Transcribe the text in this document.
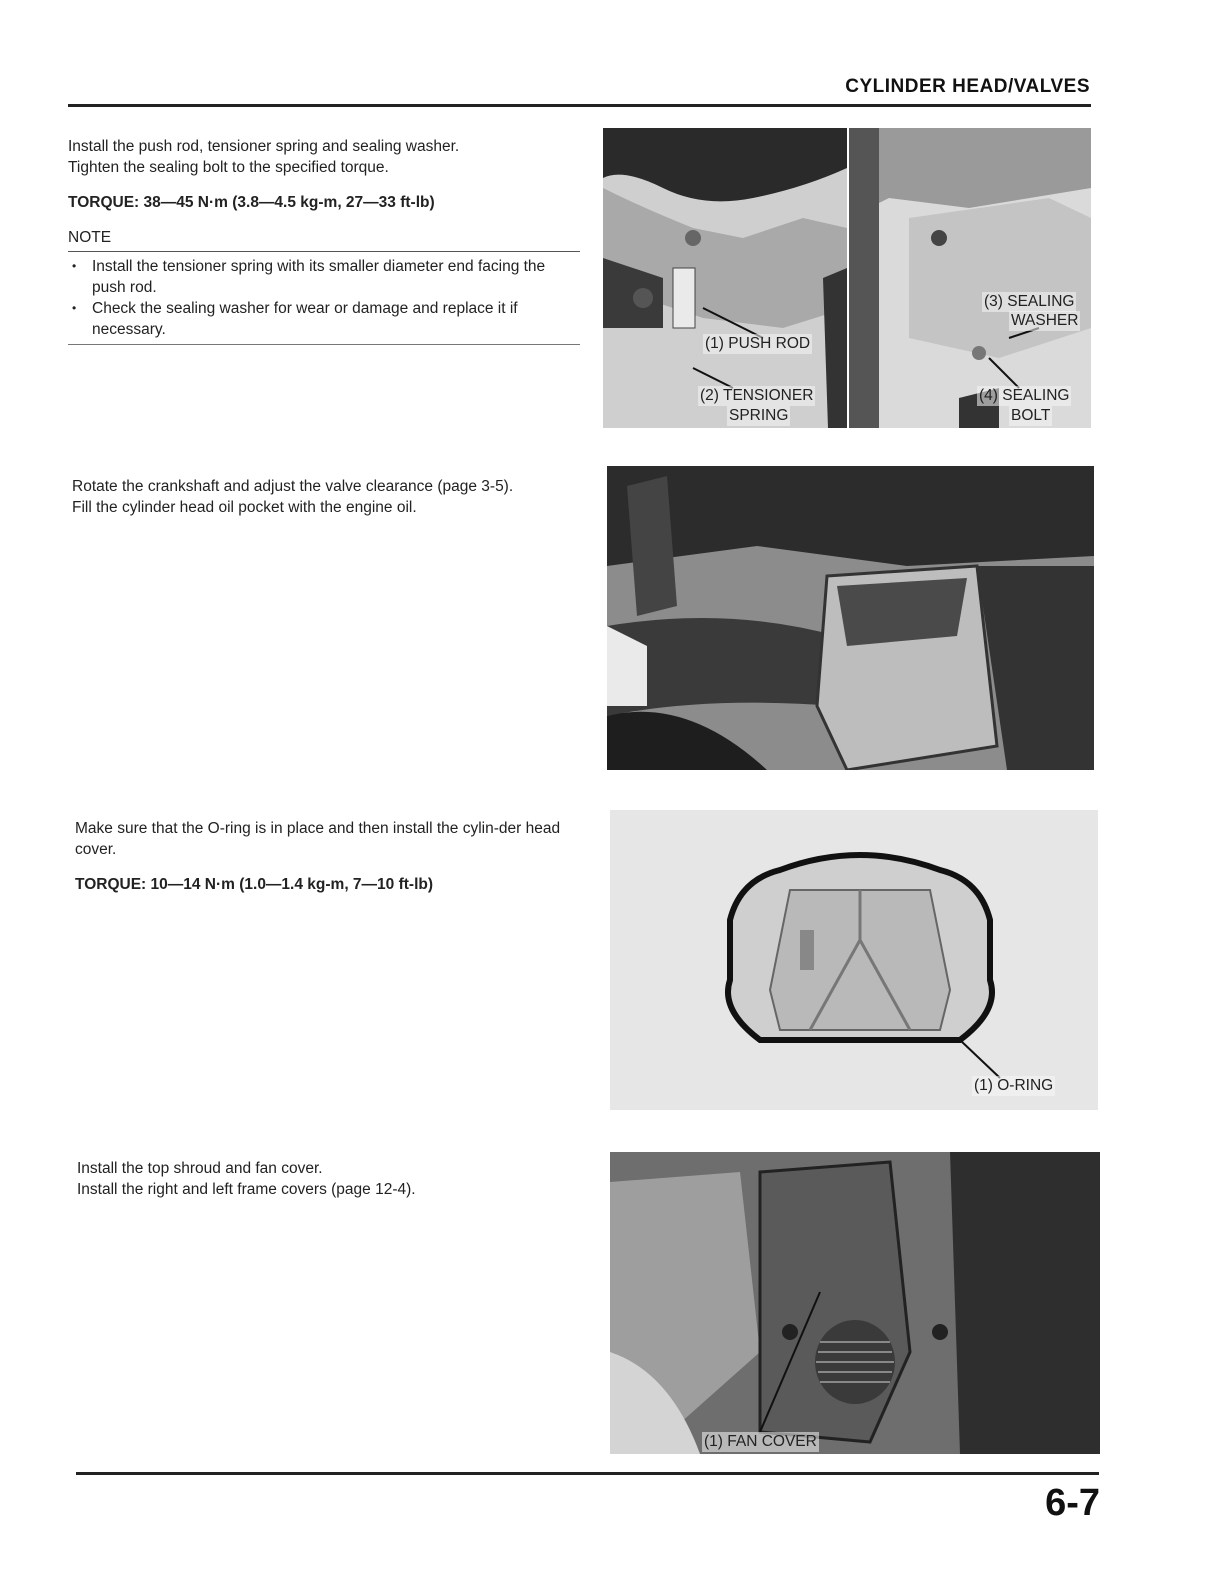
CYLINDER HEAD/VALVES

Install the push rod, tensioner spring and sealing washer.

Tighten the sealing bolt to the specified torque.

TORQUE: 38—45 N·m (3.8—4.5 kg-m, 27—33 ft-lb)

NOTE

• Install the tensioner spring with its smaller diameter end facing the push rod.
• Check the sealing washer for wear or damage and replace it if necessary.
(1) PUSH ROD
(2) TENSIONER
SPRING
(3) SEALING
WASHER
(4) SEALING
BOLT

Rotate the crankshaft and adjust the valve clearance (page 3-5).

Fill the cylinder head oil pocket with the engine oil.

Make sure that the O-ring is in place and then install the cylin-der head cover.

TORQUE: 10—14 N·m (1.0—1.4 kg-m, 7—10 ft-lb)

(1) O-RING

Install the top shroud and fan cover.

Install the right and left frame covers (page 12-4).

(1) FAN COVER
6-7
